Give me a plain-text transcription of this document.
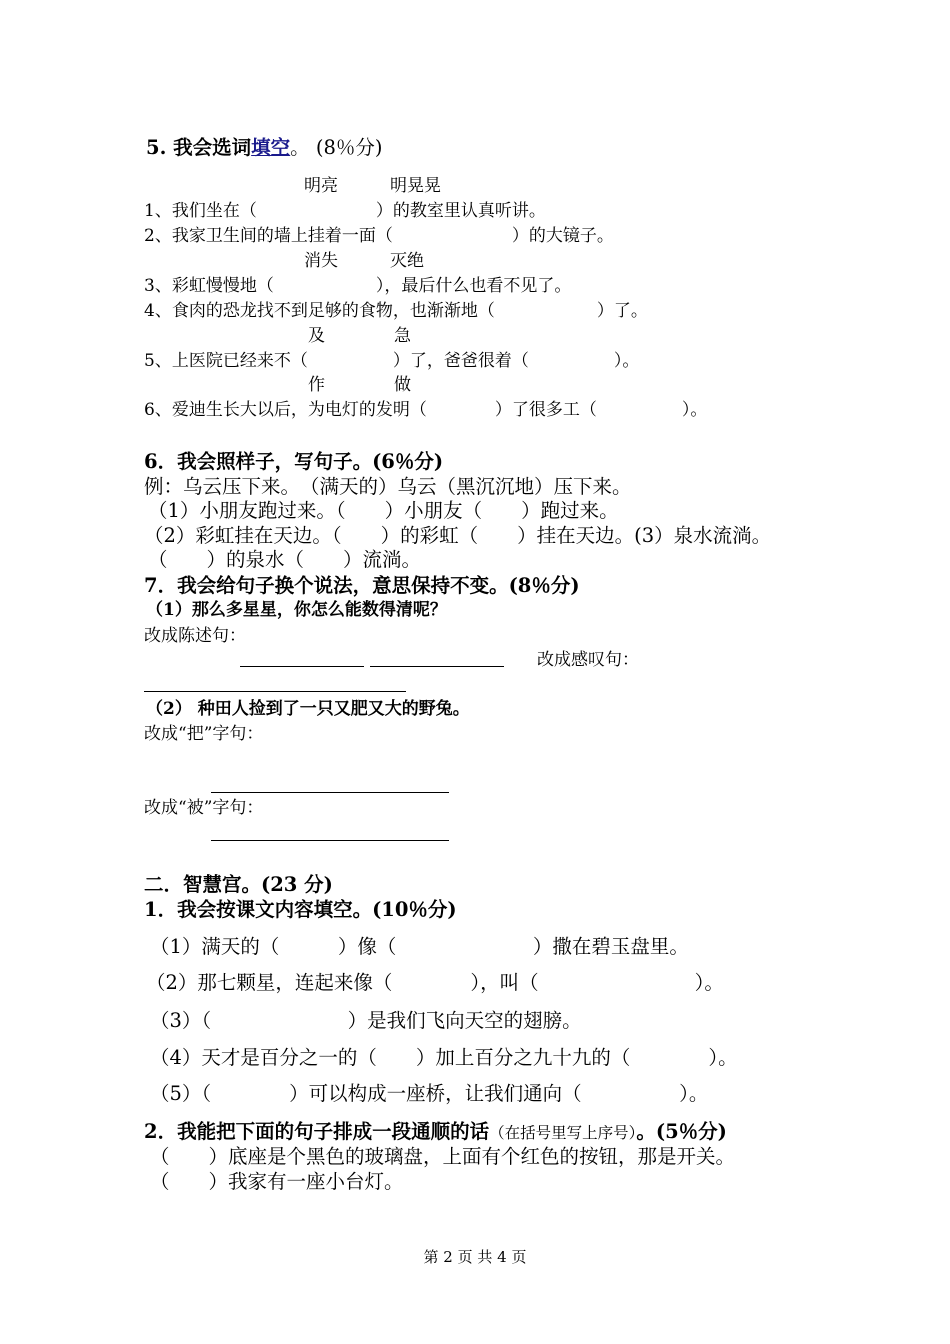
5. 我会选词填空。 (8％分)
明亮	明晃晃
1、我们坐在（　　　　　　　）的教室里认真听讲。
2、我家卫生间的墙上挂着一面（　　　　　　　）的大镜子。
消失	灭绝
3、彩虹慢慢地（　　　　　　），最后什么也看不见了。
4、食肉的恐龙找不到足够的食物，也渐渐地（　　　　　　）了。
及	急
5、上医院已经来不（　　　　　）了，爸爸很着（　　　　　）。
作	做
6、爱迪生长大以后，为电灯的发明（　　　　）了很多工（　　　　　）。
6．我会照样子，写句子。(6％分)
例：乌云压下来。　（满天的）乌云（黑沉沉地）压下来。
（1）小朋友跑过来。（　　）小朋友（　　）跑过来。
（2）彩虹挂在天边。（　　）的彩虹（　　）挂在天边。(3）泉水流淌。
（　　）的泉水（　　）流淌。
7．我会给句子换个说法，意思保持不变。(8％分)
（1）那么多星星，你怎么能数得清呢？
改成陈述句：
改成感叹句：
（2） 种田人捡到了一只又肥又大的野兔。
改成“把”字句：
改成“被”字句：
二．智慧宫。(23 分)
1．我会按课文内容填空。(10％分)
（1）满天的（　　　）像（　　　　　　　）撒在碧玉盘里。
（2）那七颗星，连起来像（　　　　），叫（　　　　　　　　）。
（3）（　　　　　　　）是我们飞向天空的翅膀。
（4）天才是百分之一的（　　）加上百分之九十九的（　　　　）。
（5）（　　　　）可以构成一座桥，让我们通向（　　　　　）。
2．我能把下面的句子排成一段通顺的话（在括号里写上序号）。(5％分)
（　　）底座是个黑色的玻璃盘，上面有个红色的按钮，那是开关。
（　　）我家有一座小台灯。
第 2 页 共 4 页
